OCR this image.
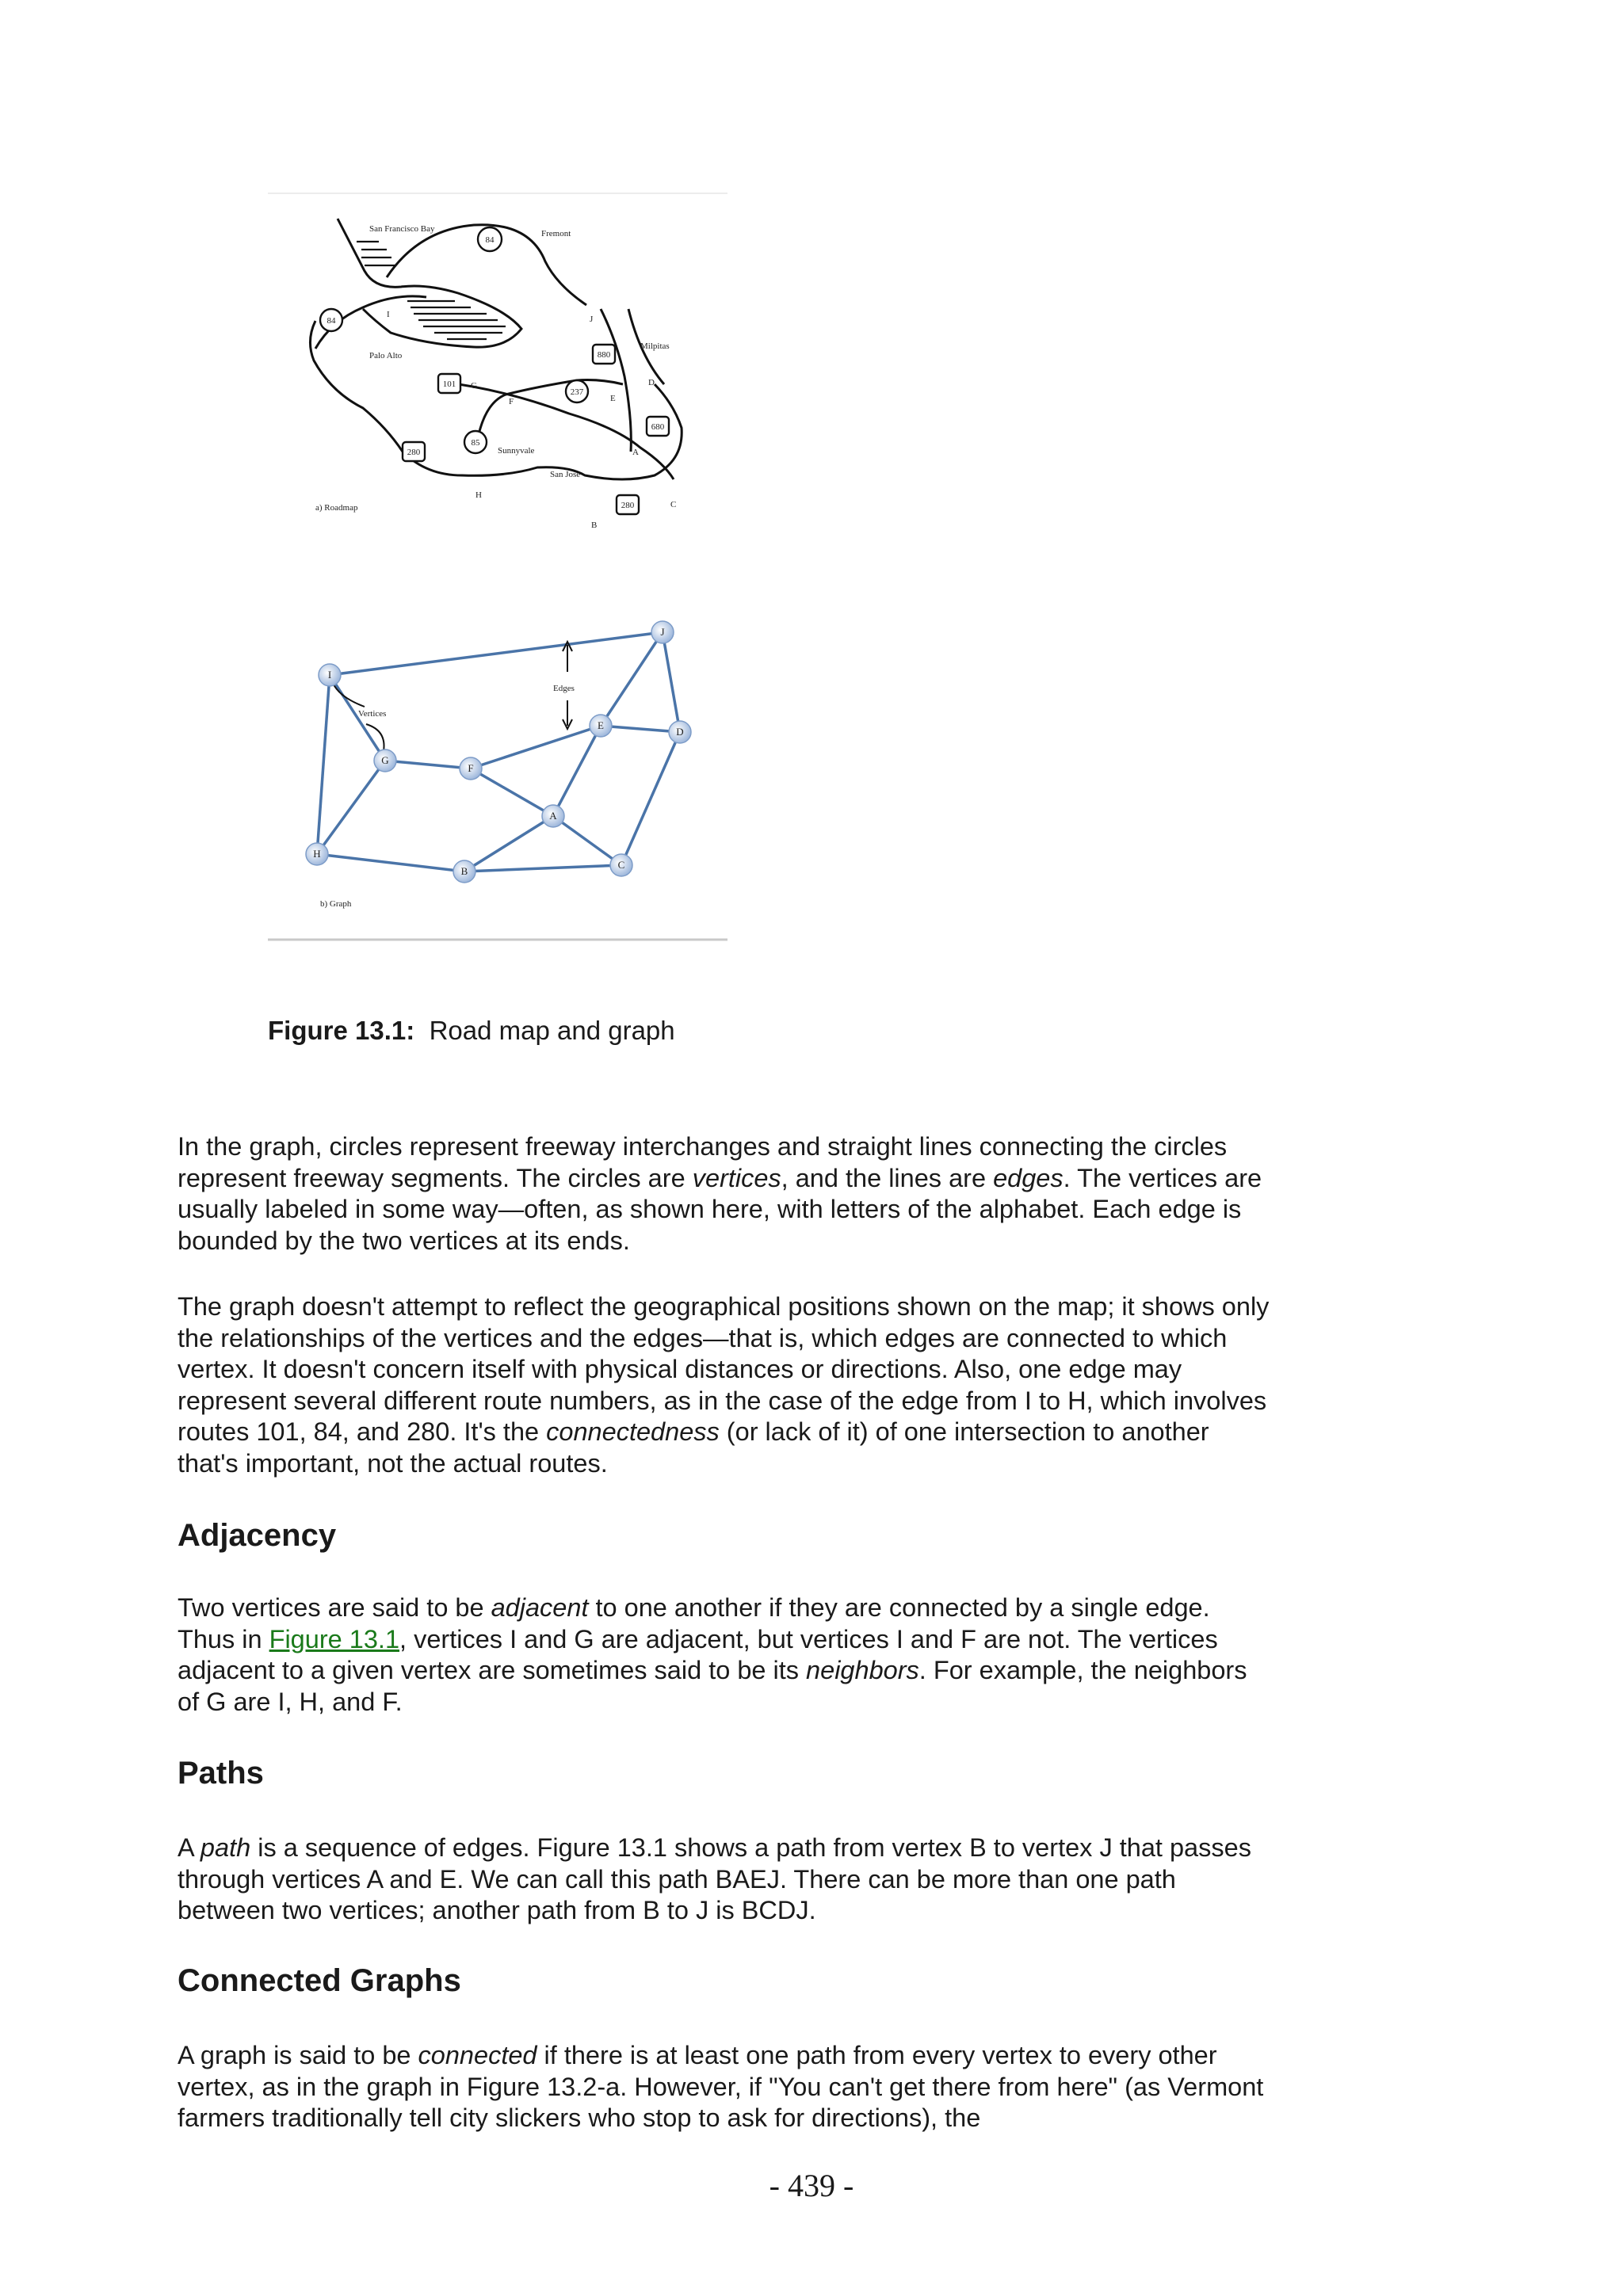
84
84
880
101
237
680
85
280
280
San Francisco Bay	Fremont
Milpitas
Palo Alto
Sunnyvale
San Jose
I	J
G
F	E
D
A
H
B
C
a) Roadmap
Vertices
Edges
I
J
E
D
G
F
A
H
B
C
b) Graph
Figure 13.1: Road map and graph

In the graph, circles represent freeway interchanges and straight lines connecting the circles represent freeway segments. The circles are vertices, and the lines are edges. The vertices are usually labeled in some way—often, as shown here, with letters of the alphabet. Each edge is bounded by the two vertices at its ends.

The graph doesn't attempt to reflect the geographical positions shown on the map; it shows only the relationships of the vertices and the edges—that is, which edges are connected to which vertex. It doesn't concern itself with physical distances or directions. Also, one edge may represent several different route numbers, as in the case of the edge from I to H, which involves routes 101, 84, and 280. It's the connectedness (or lack of it) of one intersection to another that's important, not the actual routes.

Adjacency

Two vertices are said to be adjacent to one another if they are connected by a single edge. Thus in Figure 13.1, vertices I and G are adjacent, but vertices I and F are not. The vertices adjacent to a given vertex are sometimes said to be its neighbors. For example, the neighbors of G are I, H, and F.

Paths

A path is a sequence of edges. Figure 13.1 shows a path from vertex B to vertex J that passes through vertices A and E. We can call this path BAEJ. There can be more than one path between two vertices; another path from B to J is BCDJ.

Connected Graphs

A graph is said to be connected if there is at least one path from every vertex to every other vertex, as in the graph in Figure 13.2-a. However, if "You can't get there from here" (as Vermont farmers traditionally tell city slickers who stop to ask for directions), the

- 439 -
